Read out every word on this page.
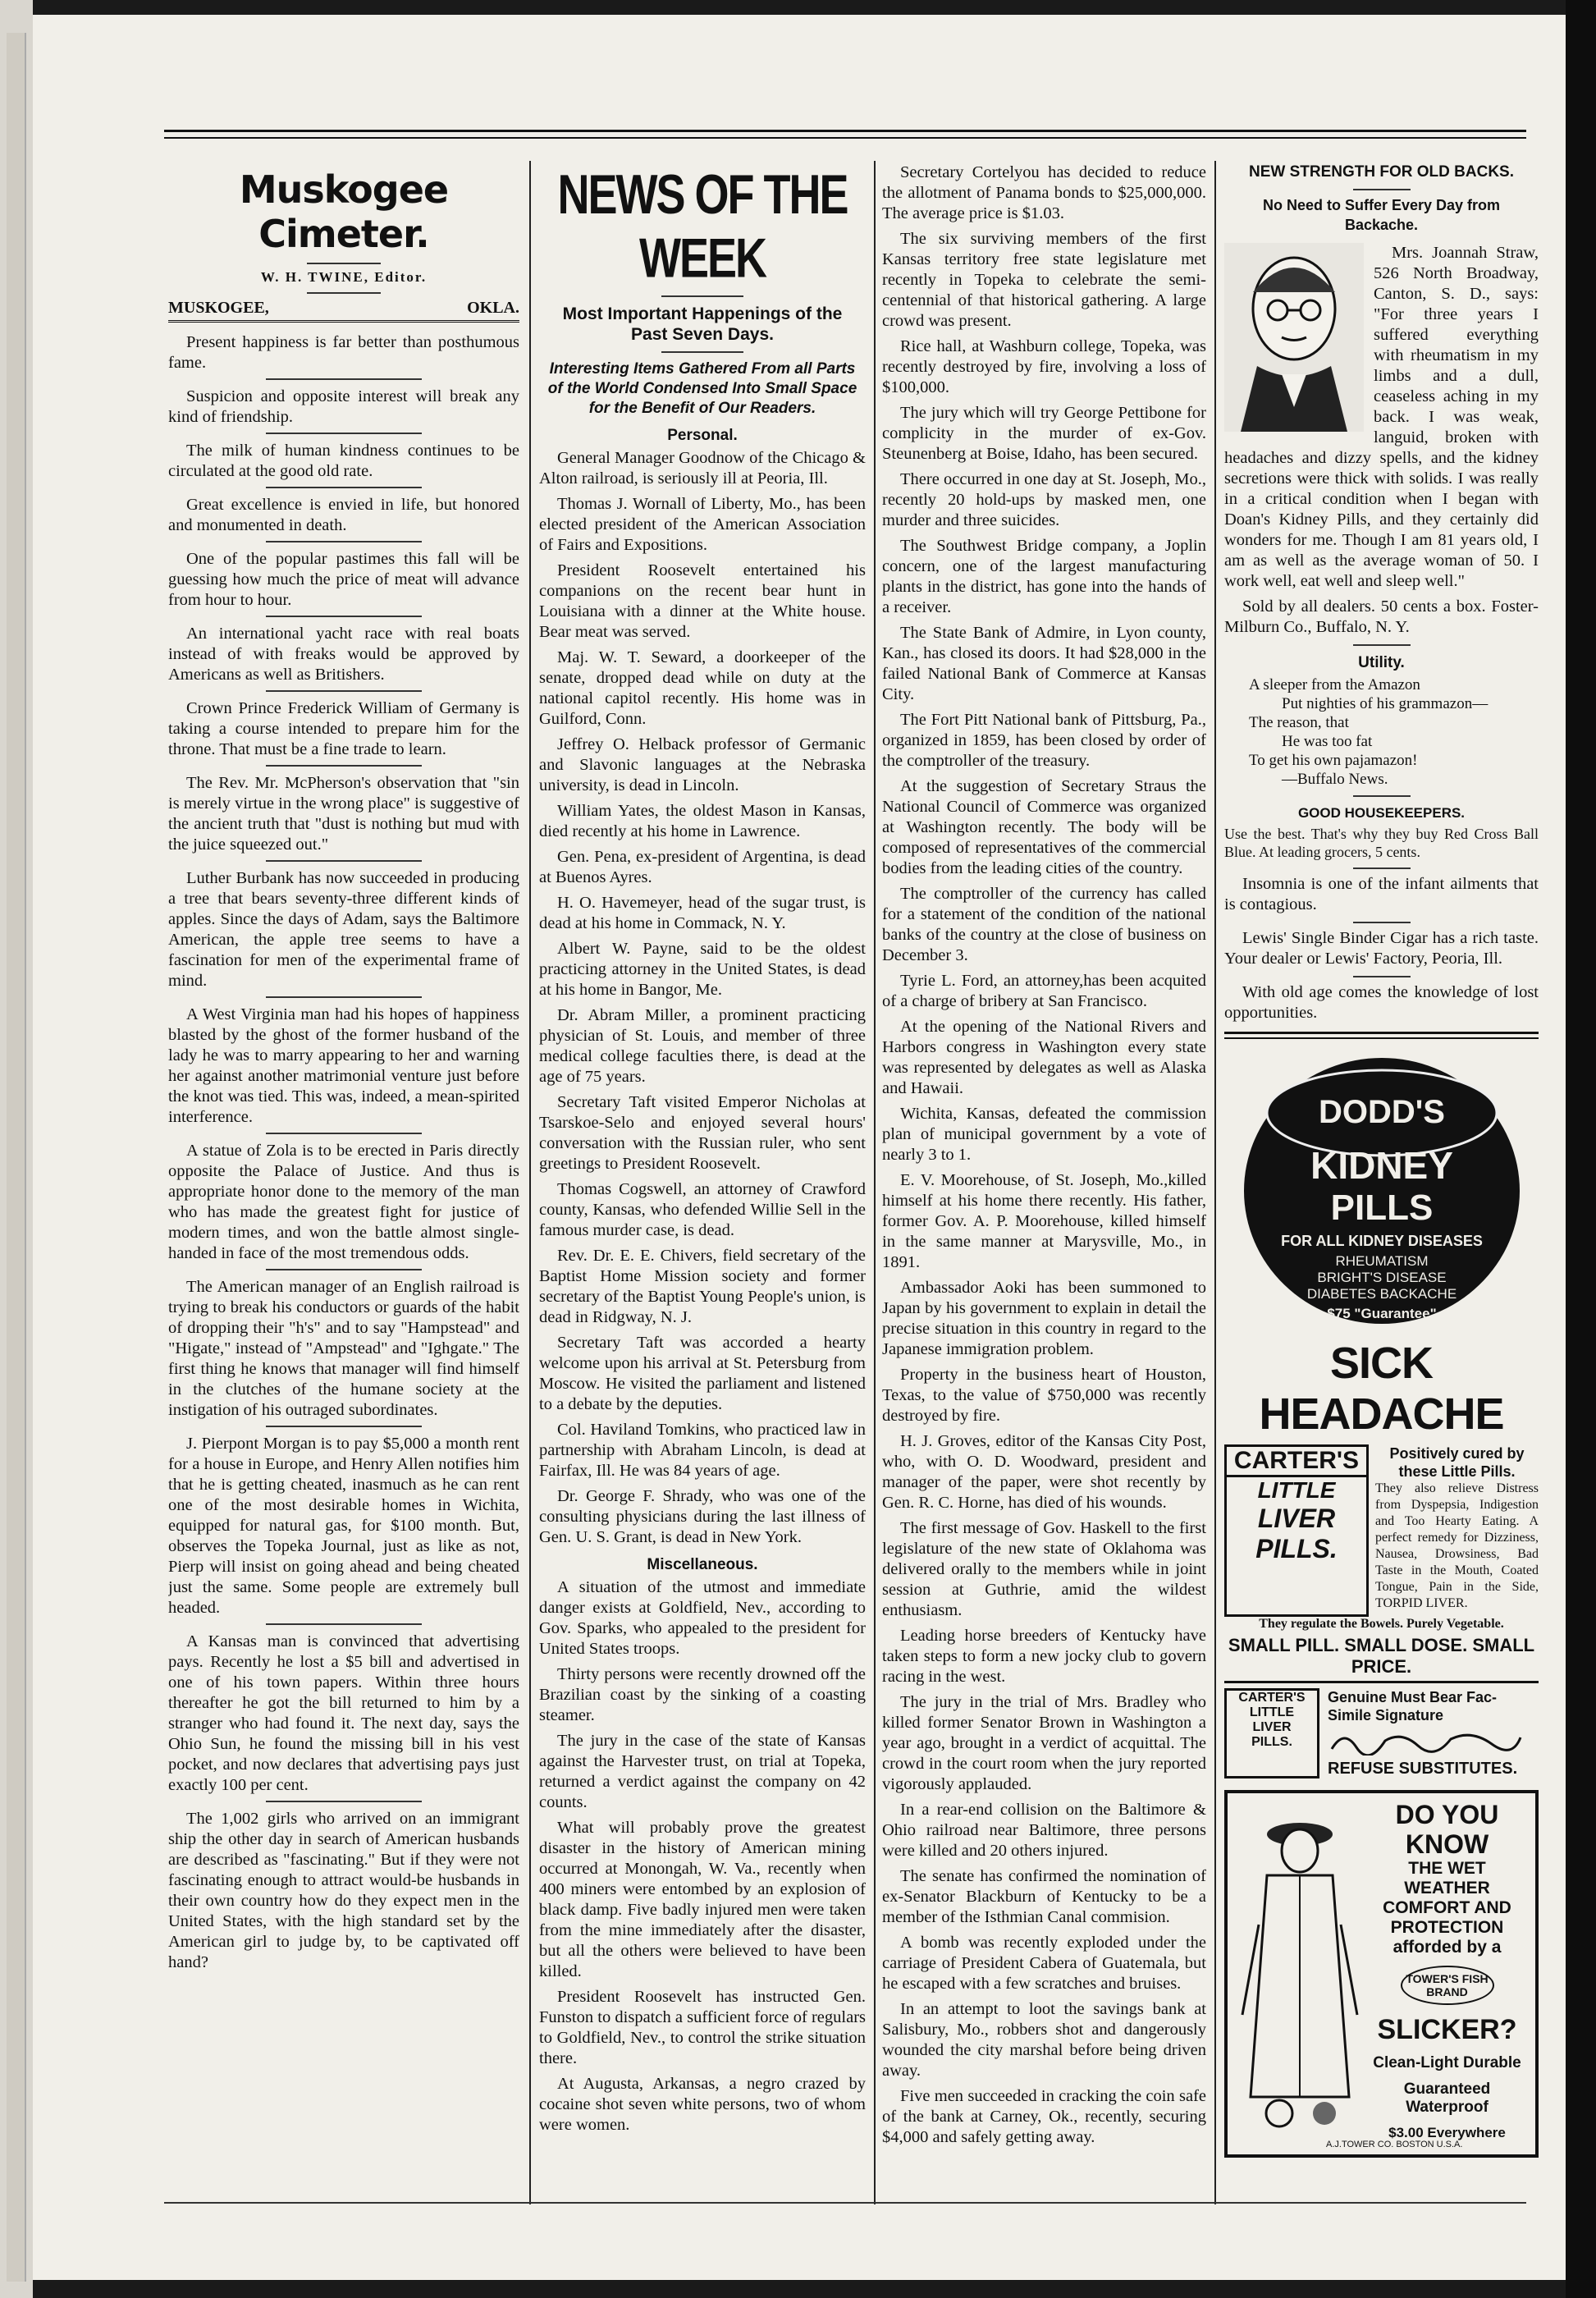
Muskogee Cimeter.
W. H. TWINE, Editor.
MUSKOGEE,	OKLA.

Present happiness is far better than posthumous fame.

Suspicion and opposite interest will break any kind of friendship.

The milk of human kindness continues to be circulated at the good old rate.

Great excellence is envied in life, but honored and monumented in death.

One of the popular pastimes this fall will be guessing how much the price of meat will advance from hour to hour.

An international yacht race with real boats instead of with freaks would be approved by Americans as well as Britishers.

Crown Prince Frederick William of Germany is taking a course intended to prepare him for the throne. That must be a fine trade to learn.

The Rev. Mr. McPherson's observation that "sin is merely virtue in the wrong place" is suggestive of the ancient truth that "dust is nothing but mud with the juice squeezed out."

Luther Burbank has now succeeded in producing a tree that bears seventy-three different kinds of apples. Since the days of Adam, says the Baltimore American, the apple tree seems to have a fascination for men of the experimental frame of mind.

A West Virginia man had his hopes of happiness blasted by the ghost of the former husband of the lady he was to marry appearing to her and warning her against another matrimonial venture just before the knot was tied. This was, indeed, a mean-spirited interference.

A statue of Zola is to be erected in Paris directly opposite the Palace of Justice. And thus is appropriate honor done to the memory of the man who has made the greatest fight for justice of modern times, and won the battle almost single-handed in face of the most tremendous odds.

The American manager of an English railroad is trying to break his conductors or guards of the habit of dropping their "h's" and to say "Hampstead" and "Higate," instead of "Ampstead" and "Ighgate." The first thing he knows that manager will find himself in the clutches of the humane society at the instigation of his outraged subordinates.

J. Pierpont Morgan is to pay $5,000 a month rent for a house in Europe, and Henry Allen notifies him that he is getting cheated, inasmuch as he can rent one of the most desirable homes in Wichita, equipped for natural gas, for $100 month. But, observes the Topeka Journal, just as like as not, Pierp will insist on going ahead and being cheated just the same. Some people are extremely bull headed.

A Kansas man is convinced that advertising pays. Recently he lost a $5 bill and advertised in one of his town papers. Within three hours thereafter he got the bill returned to him by a stranger who had found it. The next day, says the Ohio Sun, he found the missing bill in his vest pocket, and now declares that advertising pays just exactly 100 per cent.

The 1,002 girls who arrived on an immigrant ship the other day in search of American husbands are described as "fascinating." But if they were not fascinating enough to attract would-be husbands in their own country how do they expect men in the United States, with the high standard set by the American girl to judge by, to be captivated off hand?

NEWS OF THE WEEK
Most Important Happenings of the Past Seven Days.
Interesting Items Gathered From all Parts of the World Condensed Into Small Space for the Benefit of Our Readers.
Personal.

General Manager Goodnow of the Chicago & Alton railroad, is seriously ill at Peoria, Ill.

Thomas J. Wornall of Liberty, Mo., has been elected president of the American Association of Fairs and Expositions.

President Roosevelt entertained his companions on the recent bear hunt in Louisiana with a dinner at the White house. Bear meat was served.

Maj. W. T. Seward, a doorkeeper of the senate, dropped dead while on duty at the national capitol recently. His home was in Guilford, Conn.

Jeffrey O. Helback professor of Germanic and Slavonic languages at the Nebraska university, is dead in Lincoln.

William Yates, the oldest Mason in Kansas, died recently at his home in Lawrence.

Gen. Pena, ex-president of Argentina, is dead at Buenos Ayres.

H. O. Havemeyer, head of the sugar trust, is dead at his home in Commack, N. Y.

Albert W. Payne, said to be the oldest practicing attorney in the United States, is dead at his home in Bangor, Me.

Dr. Abram Miller, a prominent practicing physician of St. Louis, and member of three medical college faculties there, is dead at the age of 75 years.

Secretary Taft visited Emperor Nicholas at Tsarskoe-Selo and enjoyed several hours' conversation with the Russian ruler, who sent greetings to President Roosevelt.

Thomas Cogswell, an attorney of Crawford county, Kansas, who defended Willie Sell in the famous murder case, is dead.

Rev. Dr. E. E. Chivers, field secretary of the Baptist Home Mission society and former secretary of the Baptist Young People's union, is dead in Ridgway, N. J.

Secretary Taft was accorded a hearty welcome upon his arrival at St. Petersburg from Moscow. He visited the parliament and listened to a debate by the deputies.

Col. Haviland Tomkins, who practiced law in partnership with Abraham Lincoln, is dead at Fairfax, Ill. He was 84 years of age.

Dr. George F. Shrady, who was one of the consulting physicians during the last illness of Gen. U. S. Grant, is dead in New York.

Miscellaneous.

A situation of the utmost and immediate danger exists at Goldfield, Nev., according to Gov. Sparks, who appealed to the president for United States troops.

Thirty persons were recently drowned off the Brazilian coast by the sinking of a coasting steamer.

The jury in the case of the state of Kansas against the Harvester trust, on trial at Topeka, returned a verdict against the company on 42 counts.

What will probably prove the greatest disaster in the history of American mining occurred at Monongah, W. Va., recently when 400 miners were entombed by an explosion of black damp. Five badly injured men were taken from the mine immediately after the disaster, but all the others were believed to have been killed.

President Roosevelt has instructed Gen. Funston to dispatch a sufficient force of regulars to Goldfield, Nev., to control the strike situation there.

At Augusta, Arkansas, a negro crazed by cocaine shot seven white persons, two of whom were women.

Secretary Cortelyou has decided to reduce the allotment of Panama bonds to $25,000,000. The average price is $1.03.

The six surviving members of the first Kansas territory free state legislature met recently in Topeka to celebrate the semi-centennial of that historical gathering. A large crowd was present.

Rice hall, at Washburn college, Topeka, was recently destroyed by fire, involving a loss of $100,000.

The jury which will try George Pettibone for complicity in the murder of ex-Gov. Steunenberg at Boise, Idaho, has been secured.

There occurred in one day at St. Joseph, Mo., recently 20 hold-ups by masked men, one murder and three suicides.

The Southwest Bridge company, a Joplin concern, one of the largest manufacturing plants in the district, has gone into the hands of a receiver.

The State Bank of Admire, in Lyon county, Kan., has closed its doors. It had $28,000 in the failed National Bank of Commerce at Kansas City.

The Fort Pitt National bank of Pittsburg, Pa., organized in 1859, has been closed by order of the comptroller of the treasury.

At the suggestion of Secretary Straus the National Council of Commerce was organized at Washington recently. The body will be composed of representatives of the commercial bodies from the leading cities of the country.

The comptroller of the currency has called for a statement of the condition of the national banks of the country at the close of business on December 3.

Tyrie L. Ford, an attorney,has been acquited of a charge of bribery at San Francisco.

At the opening of the National Rivers and Harbors congress in Washington every state was represented by delegates as well as Alaska and Hawaii.

Wichita, Kansas, defeated the commission plan of municipal government by a vote of nearly 3 to 1.

E. V. Moorehouse, of St. Joseph, Mo.,killed himself at his home there recently. His father, former Gov. A. P. Moorehouse, killed himself in the same manner at Marysville, Mo., in 1891.

Ambassador Aoki has been summoned to Japan by his government to explain in detail the precise situation in this country in regard to the Japanese immigration problem.

Property in the business heart of Houston, Texas, to the value of $750,000 was recently destroyed by fire.

H. J. Groves, editor of the Kansas City Post, who, with O. D. Woodward, president and manager of the paper, were shot recently by Gen. R. C. Horne, has died of his wounds.

The first message of Gov. Haskell to the first legislature of the new state of Oklahoma was delivered orally to the members while in joint session at Guthrie, amid the wildest enthusiasm.

Leading horse breeders of Kentucky have taken steps to form a new jocky club to govern racing in the west.

The jury in the trial of Mrs. Bradley who killed former Senator Brown in Washington a year ago, brought in a verdict of acquittal. The crowd in the court room when the jury reported vigorously applauded.

In a rear-end collision on the Baltimore & Ohio railroad near Baltimore, three persons were killed and 20 others injured.

The senate has confirmed the nomination of ex-Senator Blackburn of Kentucky to be a member of the Isthmian Canal commision.

A bomb was recently exploded under the carriage of President Cabera of Guatemala, but he escaped with a few scratches and bruises.

In an attempt to loot the savings bank at Salisbury, Mo., robbers shot and dangerously wounded the city marshal before being driven away.

Five men succeeded in cracking the coin safe of the bank at Carney, Ok., recently, securing $4,000 and safely getting away.

NEW STRENGTH FOR OLD BACKS.
No Need to Suffer Every Day from Backache.

Mrs. Joannah Straw, 526 North Broadway, Canton, S. D., says: "For three years I suffered everything with rheumatism in my limbs and a dull, ceaseless aching in my back. I was weak, languid, broken with headaches and dizzy spells, and the kidney secretions were thick with solids. I was really in a critical condition when I began with Doan's Kidney Pills, and they certainly did wonders for me. Though I am 81 years old, I am as well as the average woman of 50. I work well, eat well and sleep well."

Sold by all dealers. 50 cents a box. Foster-Milburn Co., Buffalo, N. Y.

Utility.
A sleeper from the Amazon
Put nighties of his grammazon—
The reason, that
He was too fat
To get his own pajamazon!
—Buffalo News.
GOOD HOUSEKEEPERS.

Use the best. That's why they buy Red Cross Ball Blue. At leading grocers, 5 cents.

Insomnia is one of the infant ailments that is contagious.

Lewis' Single Binder Cigar has a rich taste. Your dealer or Lewis' Factory, Peoria, Ill.

With old age comes the knowledge of lost opportunities.

DODD'S
KIDNEY
PILLS
FOR ALL KIDNEY DISEASES
RHEUMATISM
BRIGHT'S DISEASE
DIABETES BACKACHE
$75 "Guarantee"
SICK HEADACHE
CARTER'S
LITTLE
LIVER
PILLS.
Positively cured by these Little Pills.

They also relieve Distress from Dyspepsia, Indigestion and Too Hearty Eating. A perfect remedy for Dizziness, Nausea, Drowsiness, Bad Taste in the Mouth, Coated Tongue, Pain in the Side, TORPID LIVER.

They regulate the Bowels. Purely Vegetable.
SMALL PILL. SMALL DOSE. SMALL PRICE.
CARTER'S
LITTLE
LIVER
PILLS.
Genuine Must Bear Fac-Simile Signature
REFUSE SUBSTITUTES.
DO YOU KNOW
THE WET WEATHER COMFORT AND PROTECTION
afforded by a
TOWER'S FISH BRAND
SLICKER?
Clean-Light Durable
Guaranteed Waterproof
$3.00 Everywhere
A.J.TOWER CO. BOSTON U.S.A.
